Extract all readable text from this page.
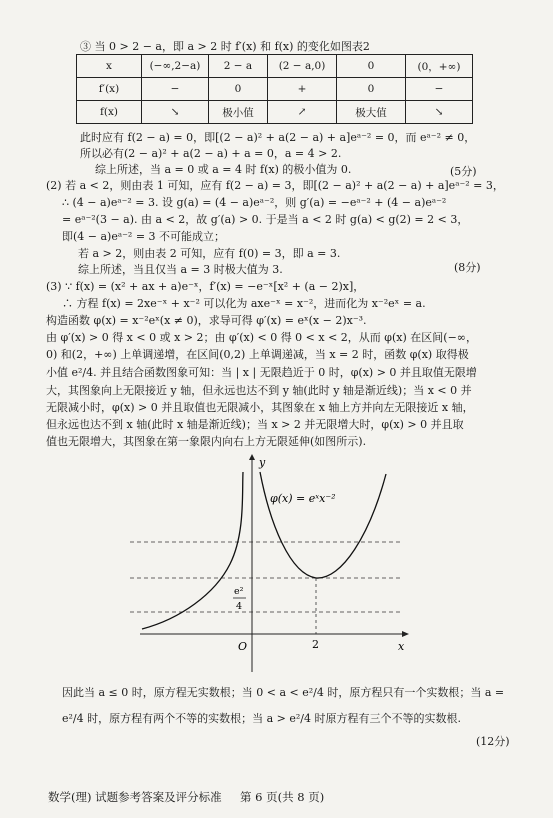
③ 当 0 > 2 − a，即 a > 2 时 f′(x) 和 f(x) 的变化如图表2
x	(−∞,2−a)	2 − a	(2 − a,0)	0	(0，+∞)
f′(x)	−	0	+	0	−
f(x)	↘	极小值	↗	极大值	↘
此时应有 f(2 − a) = 0，即[(2 − a)² + a(2 − a) + a]eᵃ⁻² = 0，而 eᵃ⁻² ≠ 0，
所以必有(2 − a)² + a(2 − a) + a = 0，a = 4 > 2.
综上所述，当 a = 0 或 a = 4 时 f(x) 的极小值为 0.	(5分)
(2) 若 a < 2，则由表 1 可知，应有 f(2 − a) = 3，即[(2 − a)² + a(2 − a) + a]eᵃ⁻² = 3，
∴ (4 − a)eᵃ⁻² = 3. 设 g(a) = (4 − a)eᵃ⁻²，则 g′(a) = −eᵃ⁻² + (4 − a)eᵃ⁻²
= eᵃ⁻²(3 − a). 由 a < 2，故 g′(a) > 0. 于是当 a < 2 时 g(a) < g(2) = 2 < 3，
即(4 − a)eᵃ⁻² = 3 不可能成立；
若 a > 2，则由表 2 可知，应有 f(0) = 3，即 a = 3.
综上所述，当且仅当 a = 3 时极大值为 3.	(8分)
(3) ∵ f(x) = (x² + ax + a)e⁻ˣ，f′(x) = −e⁻ˣ[x² + (a − 2)x]，
∴ 方程 f(x) = 2xe⁻ˣ + x⁻² 可以化为 axe⁻ˣ = x⁻²，进而化为 x⁻²eˣ = a.
构造函数 φ(x) = x⁻²eˣ(x ≠ 0)，求导可得 φ′(x) = eˣ(x − 2)x⁻³.
由 φ′(x) > 0 得 x < 0 或 x > 2；由 φ′(x) < 0 得 0 < x < 2，从而 φ(x) 在区间(−∞，
0) 和(2，+∞) 上单调递增，在区间(0,2) 上单调递减，当 x = 2 时，函数 φ(x) 取得极
小值 e²/4. 并且结合函数图象可知：当 | x | 无限趋近于 0 时，φ(x) > 0 并且取值无限增
大，其图象向上无限接近 y 轴，但永远也达不到 y 轴(此时 y 轴是渐近线)；当 x < 0 并
无限减小时，φ(x) > 0 并且取值也无限减小，其图象在 x 轴上方并向左无限接近 x 轴，
但永远也达不到 x 轴(此时 x 轴是渐近线)；当 x > 2 并无限增大时，φ(x) > 0 并且取
值也无限增大，其图象在第一象限内向右上方无限延伸(如图所示).
y
x
O	2
e²
4
φ(x) = eˣx⁻²
因此当 a ≤ 0 时，原方程无实数根；当 0 < a < e²/4 时，原方程只有一个实数根；当 a =
e²/4 时，原方程有两个不等的实数根；当 a > e²/4 时原方程有三个不等的实数根.
(12分)
数学(理) 试题参考答案及评分标准 第 6 页(共 8 页)
